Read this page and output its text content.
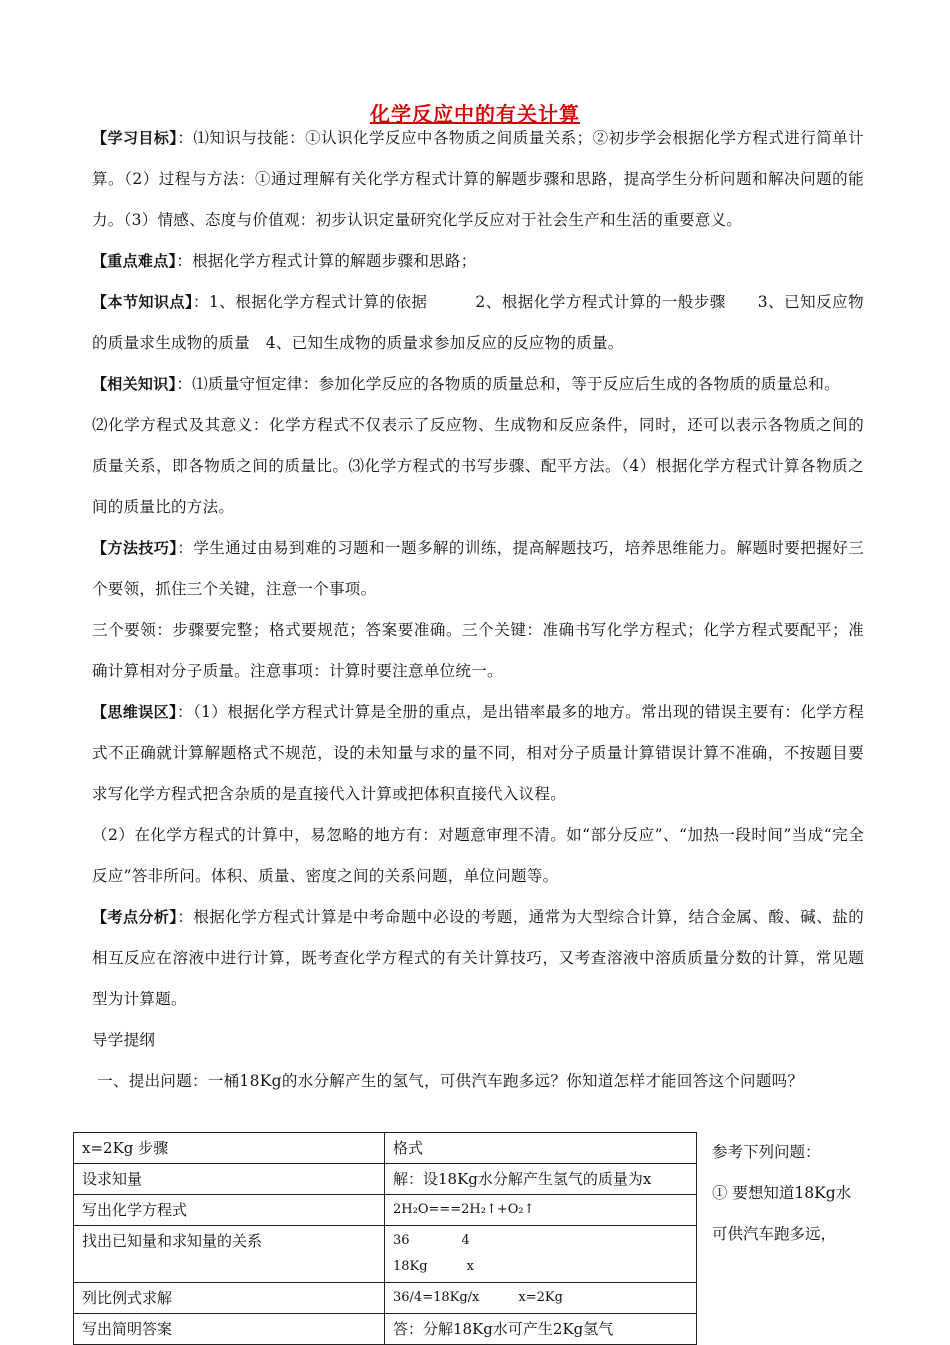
化学反应中的有关计算

【学习目标】：⑴知识与技能：①认识化学反应中各物质之间质量关系；②初步学会根据化学方程式进行简单计算。（2）过程与方法：①通过理解有关化学方程式计算的解题步骤和思路，提高学生分析问题和解决问题的能力。（3）情感、态度与价值观：初步认识定量研究化学反应对于社会生产和生活的重要意义。

【重点难点】：根据化学方程式计算的解题步骤和思路；

【本节知识点】：1、根据化学方程式计算的依据　　　2、根据化学方程式计算的一般步骤　　3、已知反应物的质量求生成物的质量　4、已知生成物的质量求参加反应的反应物的质量。

【相关知识】：⑴质量守恒定律：参加化学反应的各物质的质量总和，等于反应后生成的各物质的质量总和。

⑵化学方程式及其意义：化学方程式不仅表示了反应物、生成物和反应条件，同时，还可以表示各物质之间的质量关系，即各物质之间的质量比。⑶化学方程式的书写步骤、配平方法。（4）根据化学方程式计算各物质之间的质量比的方法。

【方法技巧】：学生通过由易到难的习题和一题多解的训练，提高解题技巧，培养思维能力。解题时要把握好三个要领，抓住三个关键，注意一个事项。

三个要领：步骤要完整；格式要规范；答案要准确。三个关键：准确书写化学方程式；化学方程式要配平；准确计算相对分子质量。注意事项：计算时要注意单位统一。

【思维误区】：（1）根据化学方程式计算是全册的重点，是出错率最多的地方。常出现的错误主要有：化学方程式不正确就计算解题格式不规范，设的未知量与求的量不同，相对分子质量计算错误计算不准确，不按题目要求写化学方程式把含杂质的是直接代入计算或把体积直接代入议程。

（2）在化学方程式的计算中，易忽略的地方有：对题意审理不清。如“部分反应”、“加热一段时间”当成“完全反应”答非所问。体积、质量、密度之间的关系问题，单位问题等。

【考点分析】：根据化学方程式计算是中考命题中必设的考题，通常为大型综合计算，结合金属、酸、碱、盐的相互反应在溶液中进行计算，既考查化学方程式的有关计算技巧，又考查溶液中溶质质量分数的计算，常见题型为计算题。

导学提纲

一、提出问题：一桶18Kg的水分解产生的氢气，可供汽车跑多远？你知道怎样才能回答这个问题吗？

x=2Kg 步骤	格式
设求知量	解：设18Kg水分解产生氢气的质量为x
写出化学方程式	2H₂O===2H₂↑+O₂↑
找出已知量和求知量的关系	36　　　　4
18Kg　　　x

列比例式求解	36/4=18Kg/x　　　x=2Kg
写出简明答案	答：分解18Kg水可产生2Kg氢气
参考下列问题：
① 要想知道18Kg水可供汽车跑多远，
